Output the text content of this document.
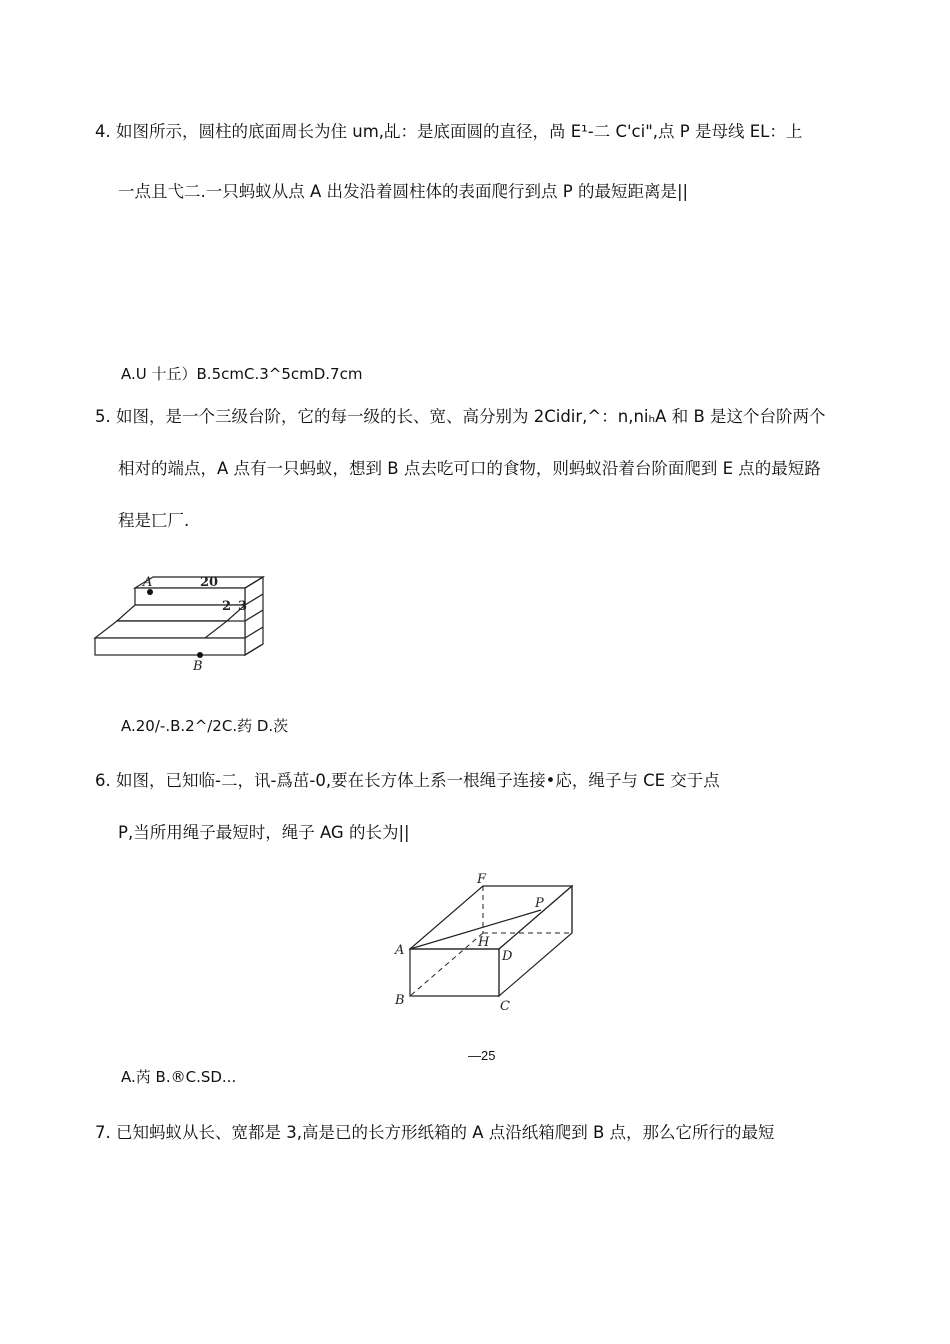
4. 如图所示，圆柱的底面周长为住 um,乩：是底面圆的直径，咼 E¹-二 C'ci",点 P 是母线 EL：上
一点且弋二.一只蚂蚁从点 A 出发沿着圆柱体的表面爬行到点 P 的最短距离是||
A.U 十丘）B.5cmC.3^5cmD.7cm
5. 如图，是一个三级台阶，它的每一级的长、宽、高分别为 2Cidir,^：n,niₕA 和 B 是这个台阶两个
相对的端点，A 点有一只蚂蚁，想到 B 点去吃可口的食物，则蚂蚁沿着台阶面爬到 E 点的最短路
程是匸厂.
A
B
20
2 3
A.20/-.B.2^/2C.药 D.茨
6. 如图，已知临-二，讯-爲茁-0,要在长方体上系一根绳子连接•応，绳子与 CE 交于点
P,当所用绳子最短时，绳子 AG 的长为||
F
P
H
A	D
B	C
—25
A.芮 B.®C.SD...
7. 已知蚂蚁从长、宽都是 3,高是已的长方形纸箱的 A 点沿纸箱爬到 B 点，那么它所行的最短
